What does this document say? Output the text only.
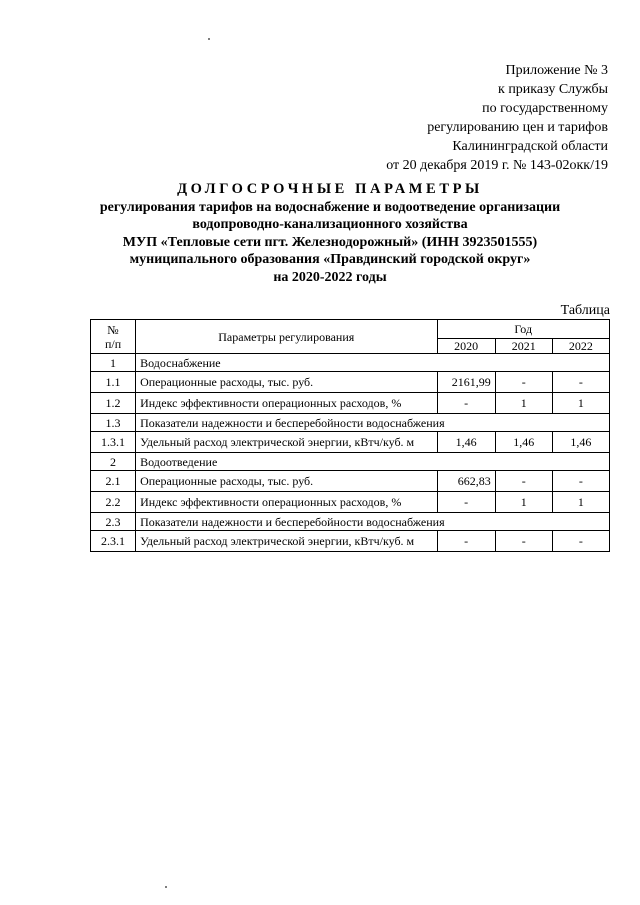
Приложение № 3
к приказу Службы
по государственному
регулированию цен и тарифов
Калининградской области
от 20 декабря 2019 г. № 143-02окк/19
ДОЛГОСРОЧНЫЕ ПАРАМЕТРЫ
регулирования тарифов на водоснабжение и водоотведение организации
водопроводно-канализационного хозяйства
МУП «Тепловые сети пгт. Железнодорожный» (ИНН 3923501555)
муниципального образования «Правдинский городской округ»
на 2020-2022 годы
Таблица
№
п/п	Параметры регулирования	Год		
		2020	2021	2022
1	Водоснабжение			
1.1	Операционные расходы, тыс. руб.	2161,99	-	-
1.2	Индекс эффективности операционных расходов, %	-	1	1
1.3	Показатели надежности и бесперебойности водоснабжения			
1.3.1	Удельный расход электрической энергии, кВтч/куб. м	1,46	1,46	1,46
2	Водоотведение			
2.1	Операционные расходы, тыс. руб.	662,83	-	-
2.2	Индекс эффективности операционных расходов, %	-	1	1
2.3	Показатели надежности и бесперебойности водоснабжения			
2.3.1	Удельный расход электрической энергии, кВтч/куб. м	-	-	-
